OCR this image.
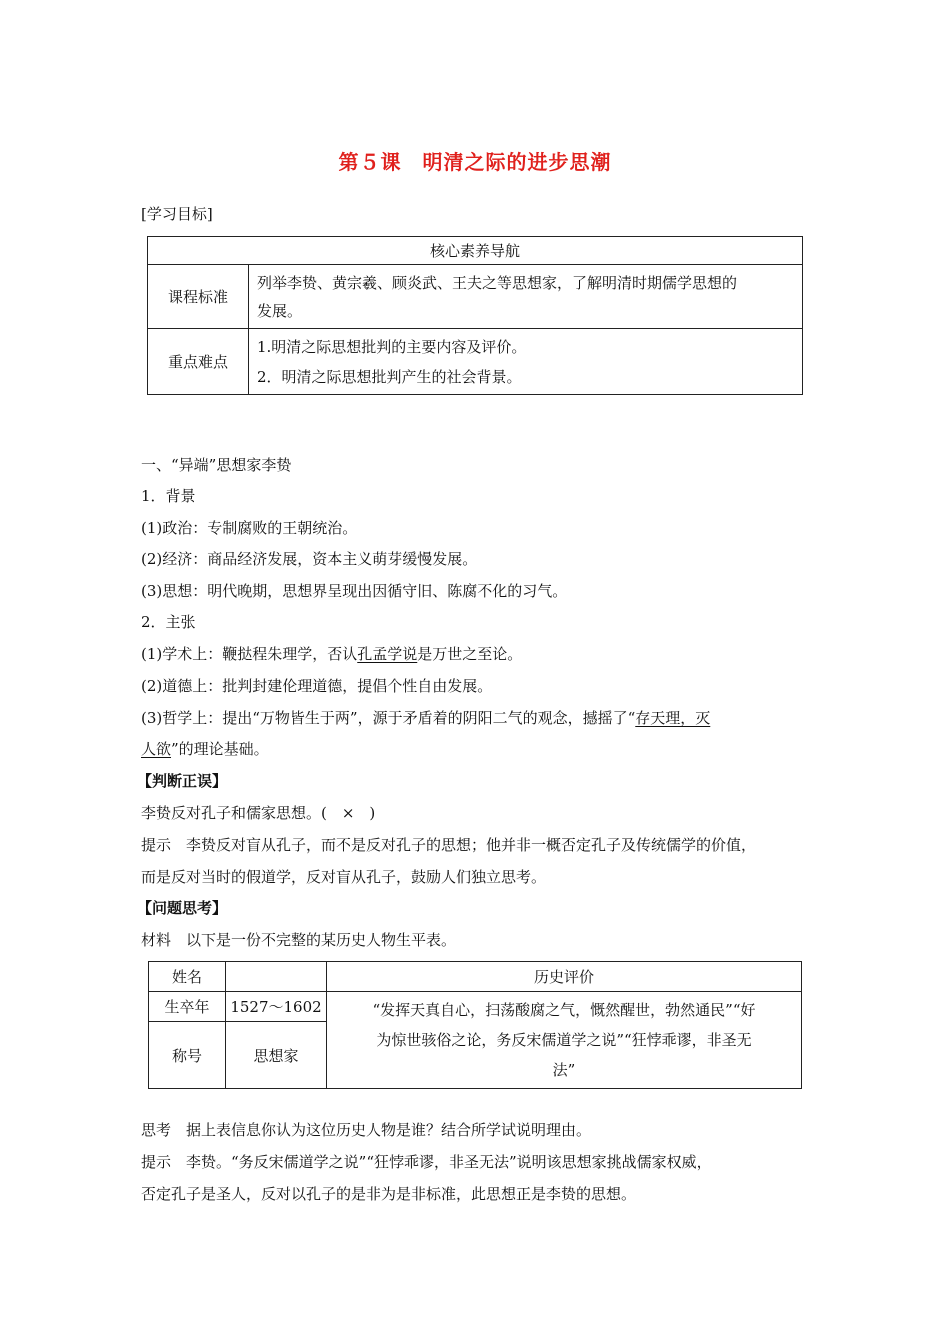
第５课　明清之际的进步思潮
[学习目标]
核心素养导航	
课程标准	列举李贽、黄宗羲、顾炎武、王夫之等思想家，了解明清时期儒学思想的
发展。

重点难点	1.明清之际思想批判的主要内容及评价。
2．明清之际思想批判产生的社会背景。
一、“异端”思想家李贽
1．背景
(1)政治：专制腐败的王朝统治。
(2)经济：商品经济发展，资本主义萌芽缓慢发展。
(3)思想：明代晚期，思想界呈现出因循守旧、陈腐不化的习气。
2．主张
(1)学术上：鞭挞程朱理学，否认孔孟学说是万世之至论。
(2)道德上：批判封建伦理道德，提倡个性自由发展。
(3)哲学上：提出“万物皆生于两”，源于矛盾着的阴阳二气的观念，撼摇了“存天理，灭
人欲”的理论基础。
【判断正误】
李贽反对孔子和儒家思想。(　×　)
提示　李贽反对盲从孔子，而不是反对孔子的思想；他并非一概否定孔子及传统儒学的价值，
而是反对当时的假道学，反对盲从孔子，鼓励人们独立思考。
【问题思考】
材料　以下是一份不完整的某历史人物生平表。
姓名		历史评价
生卒年	1527～1602	“发挥天真自心，扫荡酸腐之气，慨然醒世，勃然通民”“好
为惊世骇俗之论，务反宋儒道学之说”“狂悖乖谬，非圣无
法”

称号	思想家	
思考　据上表信息你认为这位历史人物是谁？结合所学试说明理由。
提示　李贽。“务反宋儒道学之说”“狂悖乖谬，非圣无法”说明该思想家挑战儒家权威，
否定孔子是圣人，反对以孔子的是非为是非标准，此思想正是李贽的思想。
